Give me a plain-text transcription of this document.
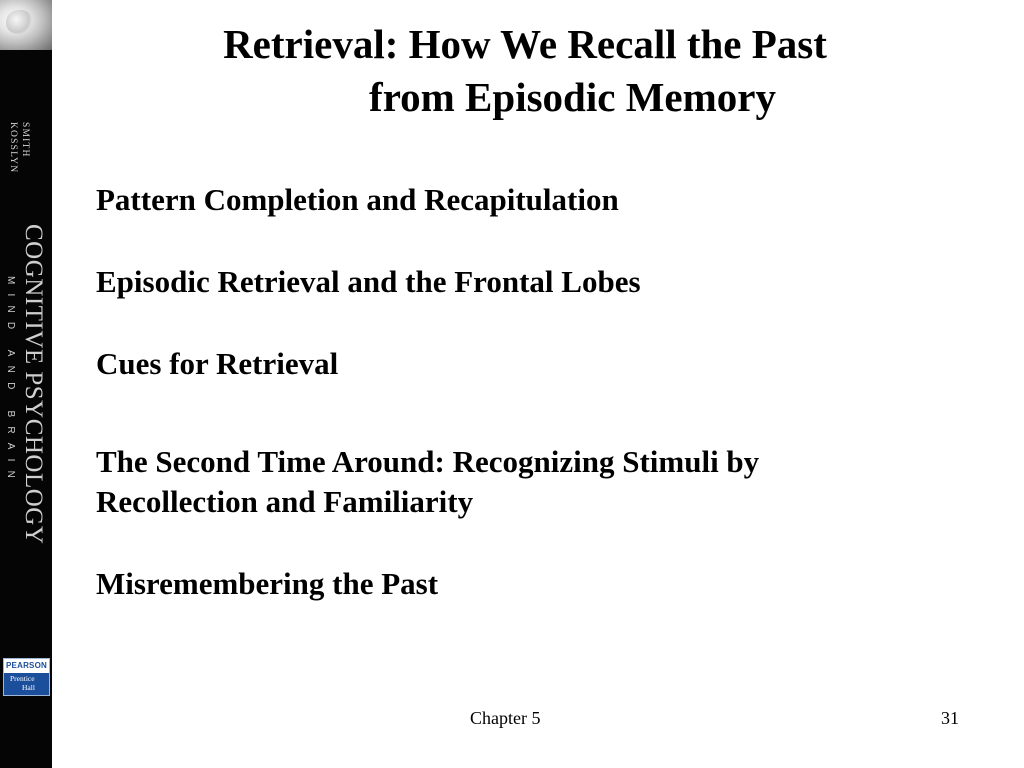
SMITH
KOSSLYN
COGNITIVE PSYCHOLOGY
MIND AND BRAIN
PEARSON
Prentice
Hall
Retrieval: How We Recall the Past
from Episodic Memory
Pattern Completion and Recapitulation
Episodic Retrieval and the Frontal Lobes
Cues for Retrieval
The Second Time Around: Recognizing Stimuli by
Recollection and Familiarity
Misremembering the Past
Chapter 5	31
